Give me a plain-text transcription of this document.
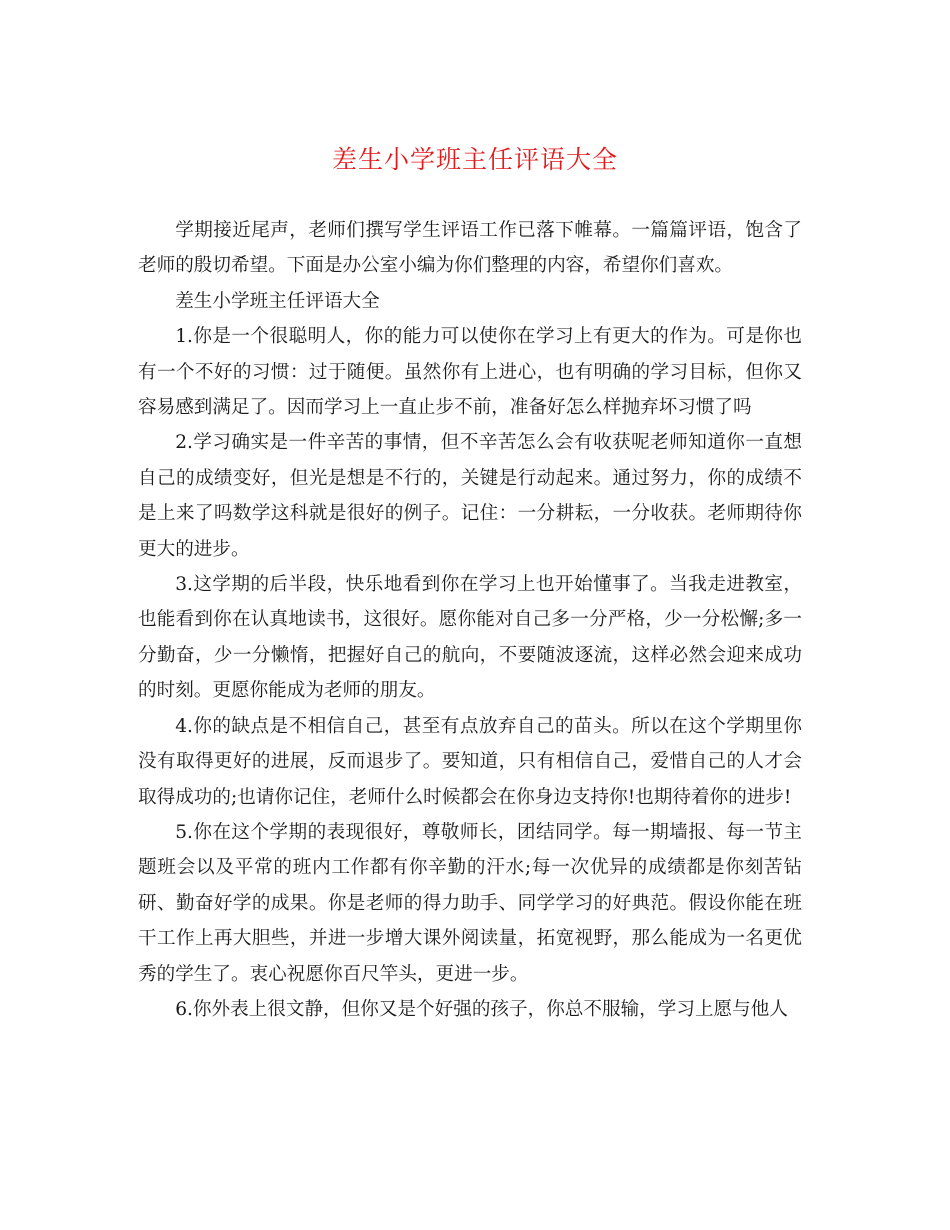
差生小学班主任评语大全

学期接近尾声，老师们撰写学生评语工作已落下帷幕。一篇篇评语，饱含了老师的殷切希望。下面是办公室小编为你们整理的内容，希望你们喜欢。

差生小学班主任评语大全

1.你是一个很聪明人，你的能力可以使你在学习上有更大的作为。可是你也有一个不好的习惯：过于随便。虽然你有上进心，也有明确的学习目标，但你又容易感到满足了。因而学习上一直止步不前，准备好怎么样抛弃坏习惯了吗

2.学习确实是一件辛苦的事情，但不辛苦怎么会有收获呢老师知道你一直想自己的成绩变好，但光是想是不行的，关键是行动起来。通过努力，你的成绩不是上来了吗数学这科就是很好的例子。记住：一分耕耘，一分收获。老师期待你更大的进步。

3.这学期的后半段，快乐地看到你在学习上也开始懂事了。当我走进教室，也能看到你在认真地读书，这很好。愿你能对自己多一分严格，少一分松懈;多一分勤奋，少一分懒惰，把握好自己的航向，不要随波逐流，这样必然会迎来成功的时刻。更愿你能成为老师的朋友。

4.你的缺点是不相信自己，甚至有点放弃自己的苗头。所以在这个学期里你没有取得更好的进展，反而退步了。要知道，只有相信自己，爱惜自己的人才会取得成功的;也请你记住，老师什么时候都会在你身边支持你!也期待着你的进步!

5.你在这个学期的表现很好，尊敬师长，团结同学。每一期墙报、每一节主题班会以及平常的班内工作都有你辛勤的汗水;每一次优异的成绩都是你刻苦钻研、勤奋好学的成果。你是老师的得力助手、同学学习的好典范。假设你能在班干工作上再大胆些，并进一步增大课外阅读量，拓宽视野，那么能成为一名更优秀的学生了。衷心祝愿你百尺竿头，更进一步。

6.你外表上很文静，但你又是个好强的孩子，你总不服输，学习上愿与他人
